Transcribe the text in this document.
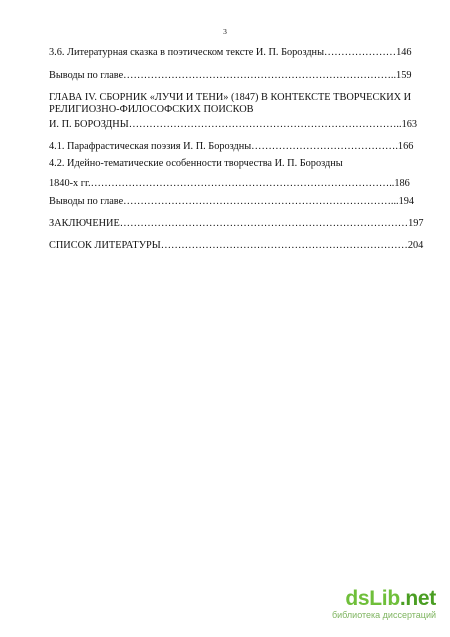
3
3.6. Литературная сказка в поэтическом тексте И. П. Бороздны…………………146
Выводы по главе……………………………………………………………………..159
ГЛАВА IV. СБОРНИК «ЛУЧИ И ТЕНИ» (1847) В КОНТЕКСТЕ ТВОРЧЕСКИХ И
РЕЛИГИОЗНО-ФИЛОСОФСКИХ ПОИСКОВ
И. П. БОРОЗДНЫ……………………………………………………………………..163
4.1. Парафрастическая поэзия И. П. Бороздны…………………………………….166
4.2. Идейно-тематические особенности творчества И. П. Бороздны
1840-х гг.……………………………………………………………………………..186
Выводы по главе……………………………………………………………………...194
ЗАКЛЮЧЕНИЕ…………………………………………………………………………197
СПИСОК ЛИТЕРАТУРЫ………………………………………………………………204
dsLib.net
библиотека диссертаций
